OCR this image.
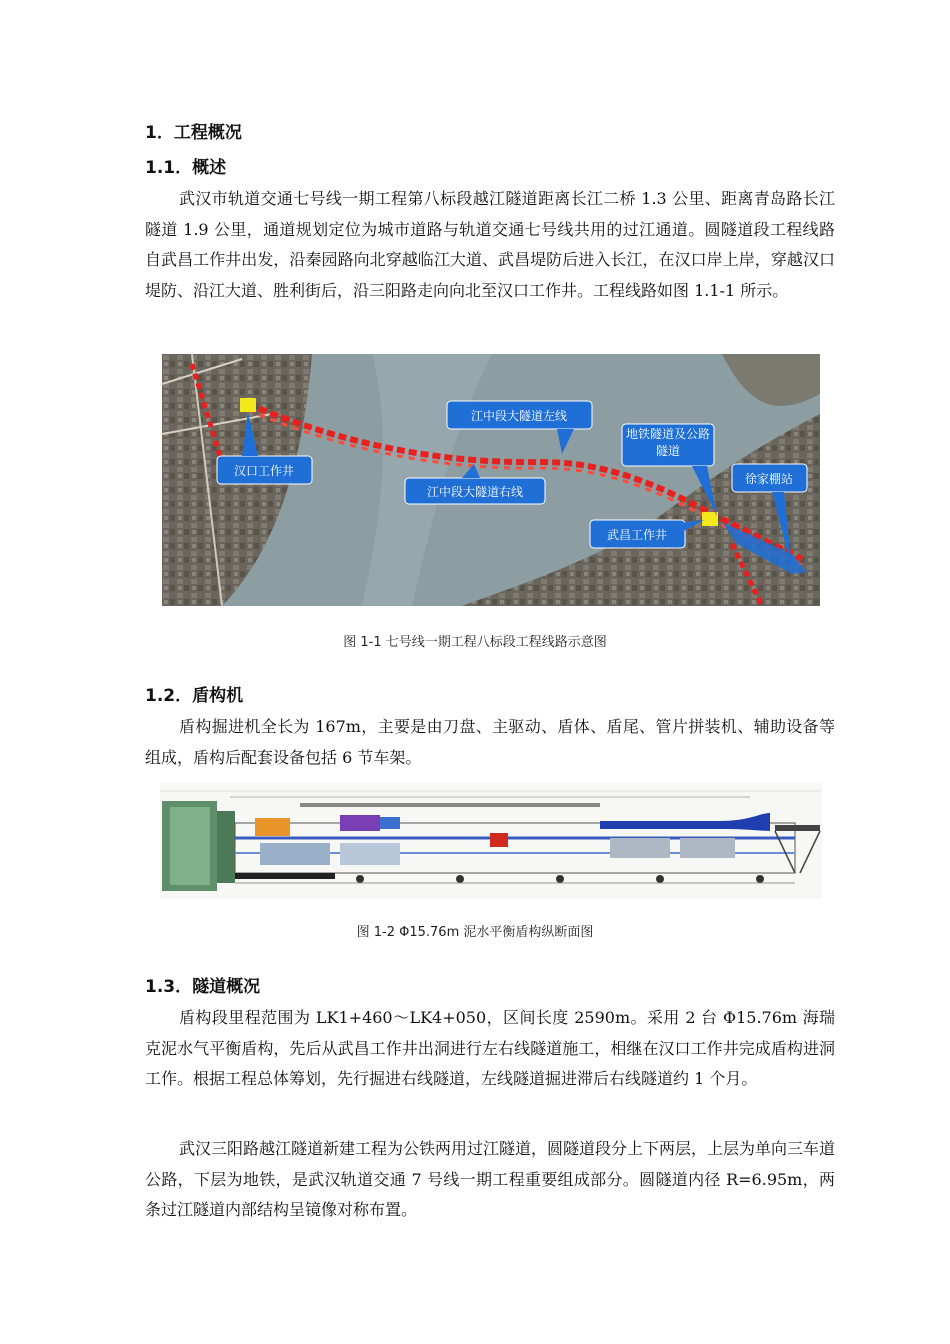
1．工程概况
1.1．概述
武汉市轨道交通七号线一期工程第八标段越江隧道距离长江二桥 1.3 公里、距离青岛路长江隧道 1.9 公里，通道规划定位为城市道路与轨道交通七号线共用的过江通道。圆隧道段工程线路自武昌工作井出发，沿秦园路向北穿越临江大道、武昌堤防后进入长江，在汉口岸上岸，穿越汉口堤防、沿江大道、胜利街后，沿三阳路走向向北至汉口工作井。工程线路如图 1.1-1 所示。
汉口工作井
江中段大隧道左线
江中段大隧道右线
地铁隧道及公路隧道
徐家棚站
武昌工作井
图 1-1 七号线一期工程八标段工程线路示意图
1.2．盾构机
盾构掘进机全长为 167m，主要是由刀盘、主驱动、盾体、盾尾、管片拼装机、辅助设备等组成，盾构后配套设备包括 6 节车架。
图 1-2 Φ15.76m 泥水平衡盾构纵断面图
1.3．隧道概况
盾构段里程范围为 LK1+460～LK4+050，区间长度 2590m。采用 2 台 Φ15.76m 海瑞克泥水气平衡盾构，先后从武昌工作井出洞进行左右线隧道施工，相继在汉口工作井完成盾构进洞工作。根据工程总体筹划，先行掘进右线隧道，左线隧道掘进滞后右线隧道约 1 个月。
武汉三阳路越江隧道新建工程为公铁两用过江隧道，圆隧道段分上下两层，上层为单向三车道公路，下层为地铁，是武汉轨道交通 7 号线一期工程重要组成部分。圆隧道内径 R=6.95m，两条过江隧道内部结构呈镜像对称布置。
